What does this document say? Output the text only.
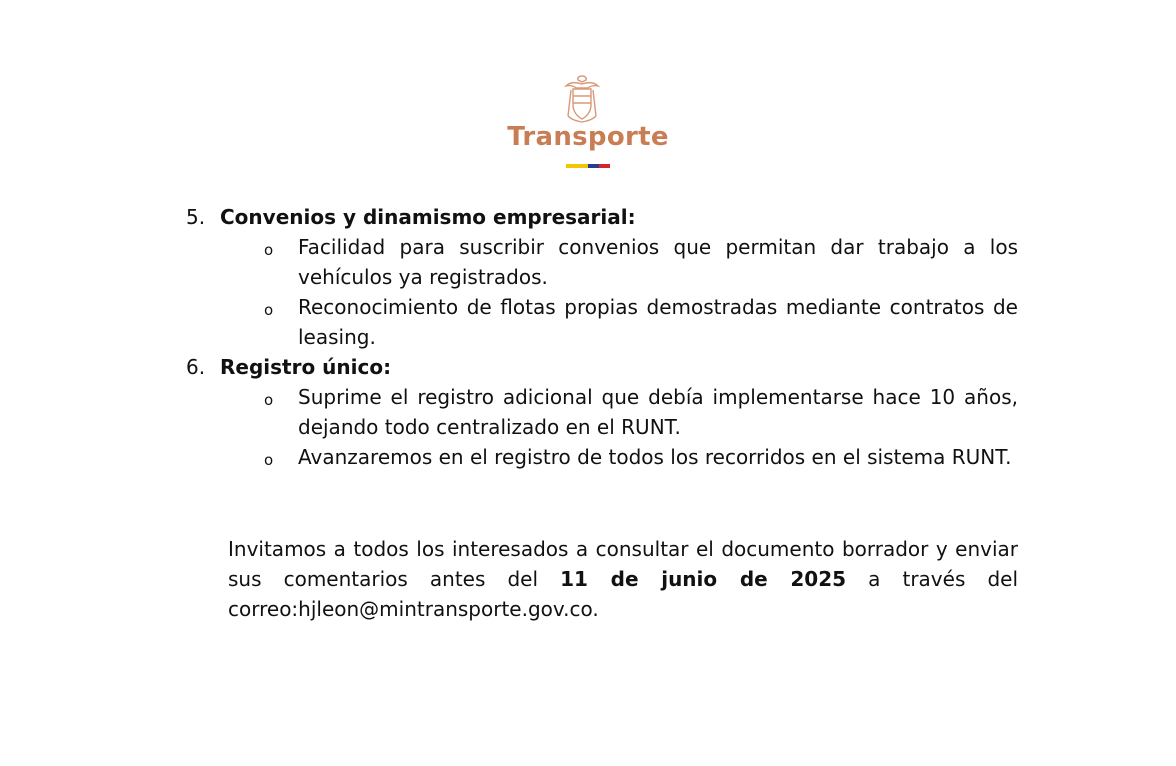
Transporte
5. Convenios y dinamismo empresarial:
o Facilidad para suscribir convenios que permitan dar trabajo a los vehículos ya registrados.
o Reconocimiento de flotas propias demostradas mediante contratos de leasing.
6. Registro único:
o Suprime el registro adicional que debía implementarse hace 10 años, dejando todo centralizado en el RUNT.
o Avanzaremos en el registro de todos los recorridos en el sistema RUNT.

Invitamos a todos los interesados a consultar el documento borrador y enviar sus comentarios antes del 11 de junio de 2025 a través del correo:hjleon@mintransporte.gov.co.
